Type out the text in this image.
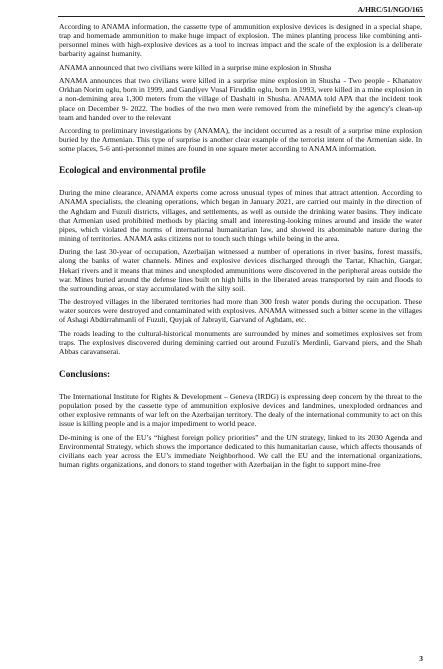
A/HRC/51/NGO/165

According to ANAMA information, the cassette type of ammunition explosive devices is designed in a special shape, trap and homemade ammunition to make huge impact of explosion. The mines planting process like combining anti-personnel mines with high-explosive devices as a tool to increas impact and the scale of the explosion is a deliberate barbarity against humanity.

ANAMA announced that two civilians were killed in a surprise mine explosion in Shusha

ANAMA announces that two civilians were killed in a surprise mine explosion in Shusha - Two people - Khanatov Orkhan Norim oglu, born in 1999, and Gandiyev Vusal Firuddin oglu, born in 1993, were killed in a mine explosion in a non-demining area 1,300 meters from the village of Dashalti in Shusha. ANAMA told APA that the incident took place on December 9- 2022. The bodies of the two men were removed from the minefield by the agency's clean-up team and handed over to the relevant

According to preliminary investigations by (ANAMA), the incident occurred as a result of a surprise mine explosion buried by the Armenian. This type of surprise is another clear example of the terrorist intent of the Armenian side. In some places, 5-6 anti-personnel mines are found in one square meter according to ANAMA information.

Ecological and environmental profile

During the mine clearance, ANAMA experts come across unusual types of mines that attract attention. According to ANAMA specialists, the cleaning operations, which began in January 2021, are carried out mainly in the direction of the Aghdam and Fuzuli districts, villages, and settlements, as well as outside the drinking water basins. They indicate that Armenian used prohibited methods by placing small and interesting-looking mines around and inside the water pipes, which violated the norms of international humanitarian law, and showed its abominable nature during the mining of territories. ANAMA asks citizens not to touch such things while being in the area.

During the last 30-year of occupation, Azerbaijan witnessed a number of operations in river basins, forest massifs, along the banks of water channels. Mines and explosive devices discharged through the Tartar, Khachin, Gargar, Hekari rivers and it means that mines and unexploded ammunitions were discovered in the peripheral areas outside the war. Mines buried around the defense lines built on high hills in the liberated areas transported by rain and floods to the surrounding areas, or stay accumulated with the silty soil.

The destroyed villages in the liberated territories had more than 300 fresh water ponds during the occupation. These water sources were destroyed and contaminated with explosives. ANAMA witnessed such a bitter scene in the villages of Ashagi Abdürrahmanli of Fuzuli, Quyjak of Jabrayil, Garvand of Aghdam, etc.

The roads leading to the cultural-historical monuments are surrounded by mines and sometimes explosives set from traps. The explosives discovered during demining carried out around Fuzuli's Merdinli, Garvand piers, and the Shah Abbas caravanserai.

Conclusions:

The International Institute for Rights & Development – Geneva (IRDG) is expressing deep concern by the threat to the population posed by the cassette type of ammunition explosive devices and landmines, unexploded ordnances and other explosive remnants of war left on the Azerbaijan territory. The dealy of the international community to act on this issue is killing people and is a major impediment to world peace.

De-mining is one of the EU’s “highest foreign policy priorities” and the UN strategy, linked to its 2030 Agenda and Environmental Strategy, which shows the importance dedicated to this humanitarian cause, which affects thousands of civilians each year across the EU’s immediate Neighborhood. We call the EU and the international organizations, human rights organizations, and donors to stand together with Azerbaijan in the fight to support mine-free

3
